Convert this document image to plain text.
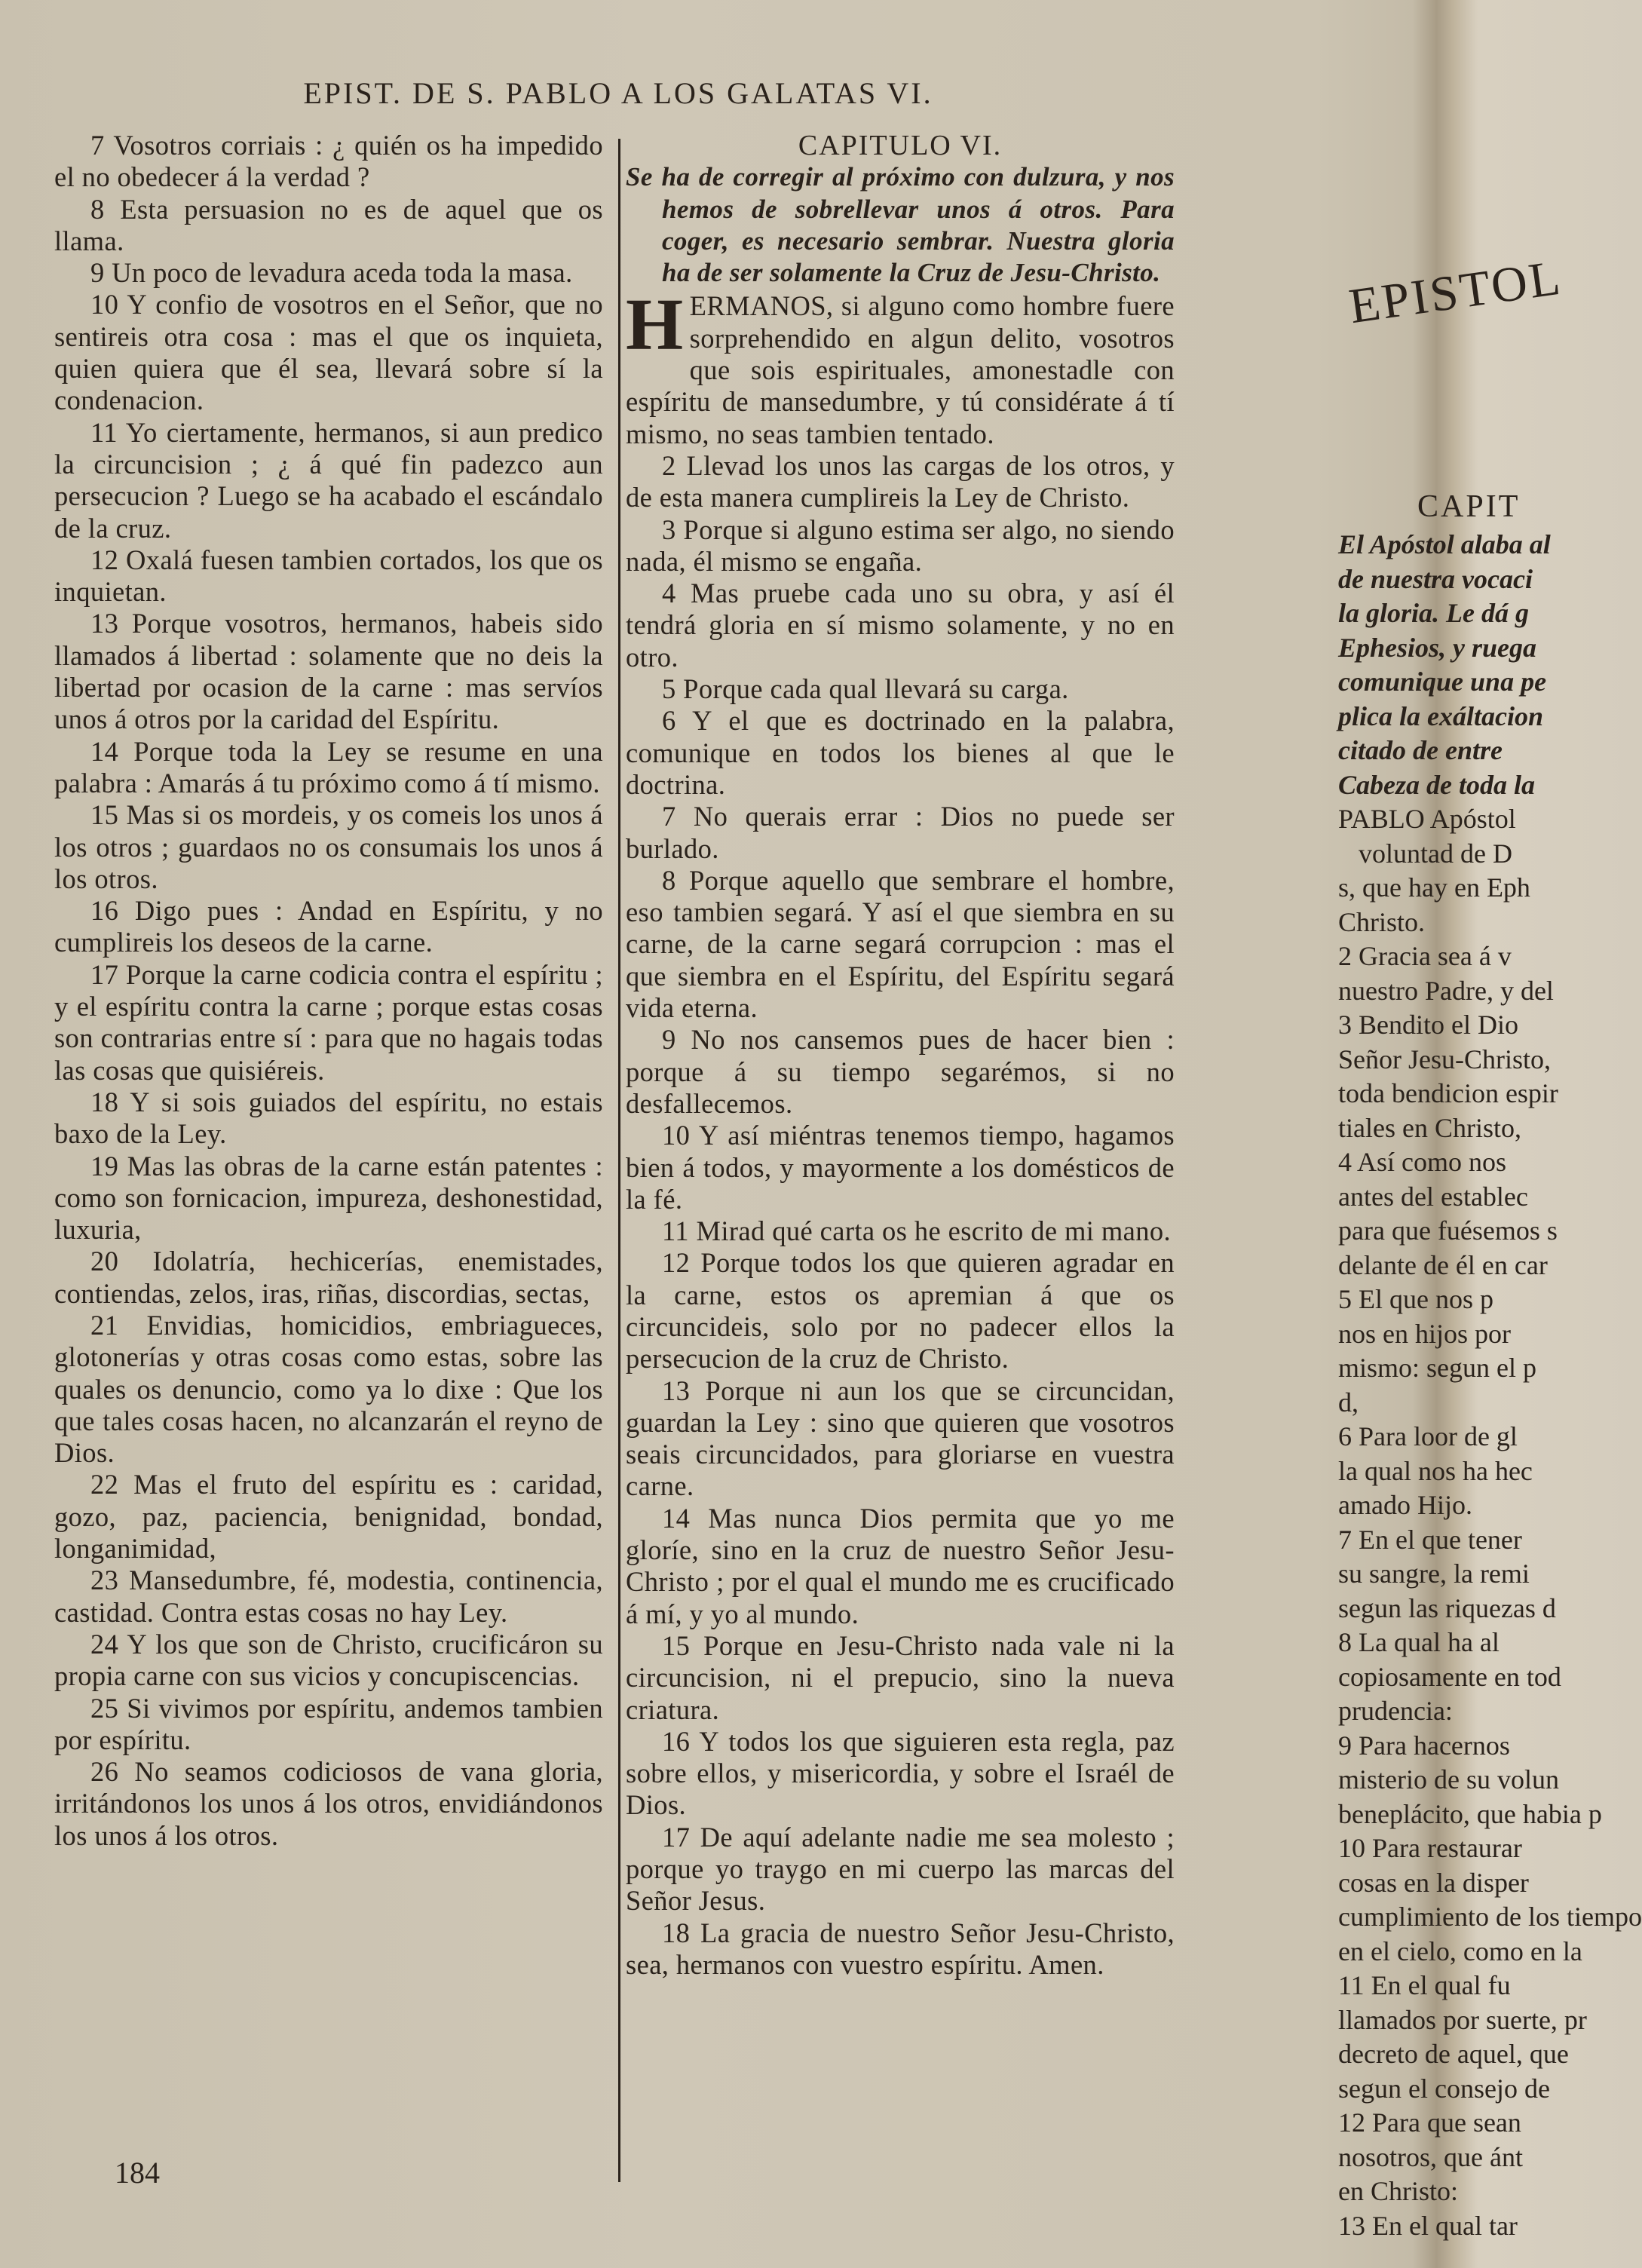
EPIST. DE S. PABLO A LOS GALATAS VI.

7 Vosotros corriais : ¿ quién os ha impedido el no obedecer á la verdad ?

8 Esta persuasion no es de aquel que os llama.

9 Un poco de levadura aceda toda la masa.

10 Y confio de vosotros en el Señor, que no sentireis otra cosa : mas el que os inquieta, quien quiera que él sea, llevará sobre sí la condenacion.

11 Yo ciertamente, hermanos, si aun predico la circuncision ; ¿ á qué fin padezco aun persecucion ? Luego se ha acabado el escándalo de la cruz.

12 Oxalá fuesen tambien cortados, los que os inquietan.

13 Porque vosotros, hermanos, habeis sido llamados á libertad : solamente que no deis la libertad por ocasion de la carne : mas servíos unos á otros por la caridad del Espíritu.

14 Porque toda la Ley se resume en una palabra : Amarás á tu próximo como á tí mismo.

15 Mas si os mordeis, y os comeis los unos á los otros ; guardaos no os consumais los unos á los otros.

16 Digo pues : Andad en Espíritu, y no cumplireis los deseos de la carne.

17 Porque la carne codicia contra el espíritu ; y el espíritu contra la carne ; porque estas cosas son contrarias entre sí : para que no hagais todas las cosas que quisiéreis.

18 Y si sois guiados del espíritu, no estais baxo de la Ley.

19 Mas las obras de la carne están patentes : como son fornicacion, impureza, deshonestidad, luxuria,

20 Idolatría, hechicerías, enemistades, contiendas, zelos, iras, riñas, discordias, sectas,

21 Envidias, homicidios, embriagueces, glotonerías y otras cosas como estas, sobre las quales os denuncio, como ya lo dixe : Que los que tales cosas hacen, no alcanzarán el reyno de Dios.

22 Mas el fruto del espíritu es : caridad, gozo, paz, paciencia, benignidad, bondad, longanimidad,

23 Mansedumbre, fé, modestia, continencia, castidad. Contra estas cosas no hay Ley.

24 Y los que son de Christo, crucificáron su propia carne con sus vicios y concupiscencias.

25 Si vivimos por espíritu, andemos tambien por espíritu.

26 No seamos codiciosos de vana gloria, irritándonos los unos á los otros, envidiándonos los unos á los otros.

CAPITULO VI.

Se ha de corregir al próximo con dulzura, y nos hemos de sobrellevar unos á otros. Para coger, es necesario sembrar. Nuestra gloria ha de ser solamente la Cruz de Jesu-Christo.

HERMANOS, si alguno como hombre fuere sorprehendido en algun delito, vosotros que sois espirituales, amonestadle con espíritu de mansedumbre, y tú considérate á tí mismo, no seas tambien tentado.

2 Llevad los unos las cargas de los otros, y de esta manera cumplireis la Ley de Christo.

3 Porque si alguno estima ser algo, no siendo nada, él mismo se engaña.

4 Mas pruebe cada uno su obra, y así él tendrá gloria en sí mismo solamente, y no en otro.

5 Porque cada qual llevará su carga.

6 Y el que es doctrinado en la palabra, comunique en todos los bienes al que le doctrina.

7 No querais errar : Dios no puede ser burlado.

8 Porque aquello que sembrare el hombre, eso tambien segará. Y así el que siembra en su carne, de la carne segará corrupcion : mas el que siembra en el Espíritu, del Espíritu segará vida eterna.

9 No nos cansemos pues de hacer bien : porque á su tiempo segarémos, si no desfallecemos.

10 Y así miéntras tenemos tiempo, hagamos bien á todos, y mayormente a los domésticos de la fé.

11 Mirad qué carta os he escrito de mi mano.

12 Porque todos los que quieren agradar en la carne, estos os apremian á que os circuncideis, solo por no padecer ellos la persecucion de la cruz de Christo.

13 Porque ni aun los que se circuncidan, guardan la Ley : sino que quieren que vosotros seais circuncidados, para gloriarse en vuestra carne.

14 Mas nunca Dios permita que yo me gloríe, sino en la cruz de nuestro Señor Jesu-Christo ; por el qual el mundo me es crucificado á mí, y yo al mundo.

15 Porque en Jesu-Christo nada vale ni la circuncision, ni el prepucio, sino la nueva criatura.

16 Y todos los que siguieren esta regla, paz sobre ellos, y misericordia, y sobre el Israél de Dios.

17 De aquí adelante nadie me sea molesto ; porque yo traygo en mi cuerpo las marcas del Señor Jesus.

18 La gracia de nuestro Señor Jesu-Christo, sea, hermanos con vuestro espíritu. Amen.

184
EPISTOL
CAPIT
El Apóstol alaba al
de nuestra vocaci
la gloria. Le dá g
Ephesios, y ruega
comunique una pe
plica la exáltacion
citado de entre
Cabeza de toda la
PABLO Apóstol
voluntad de D
s, que hay en Eph
Christo.
2 Gracia sea á v
nuestro Padre, y del
3 Bendito el Dio
Señor Jesu-Christo,
toda bendicion espir
tiales en Christo,
4 Así como nos
antes del establec
para que fuésemos s
delante de él en car
5 El que nos p
nos en hijos por
mismo: segun el p
d,
6 Para loor de gl
la qual nos ha hec
amado Hijo.
7 En el que tener
su sangre, la remi
segun las riquezas d
8 La qual ha al
copiosamente en tod
prudencia:
9 Para hacernos
misterio de su volun
beneplácito, que habia p
10 Para restaurar
cosas en la disper
cumplimiento de los tiempo
en el cielo, como en la
11 En el qual fu
llamados por suerte, pr
decreto de aquel, que
segun el consejo de
12 Para que sean
nosotros, que ánt
en Christo:
13 En el qual tar
